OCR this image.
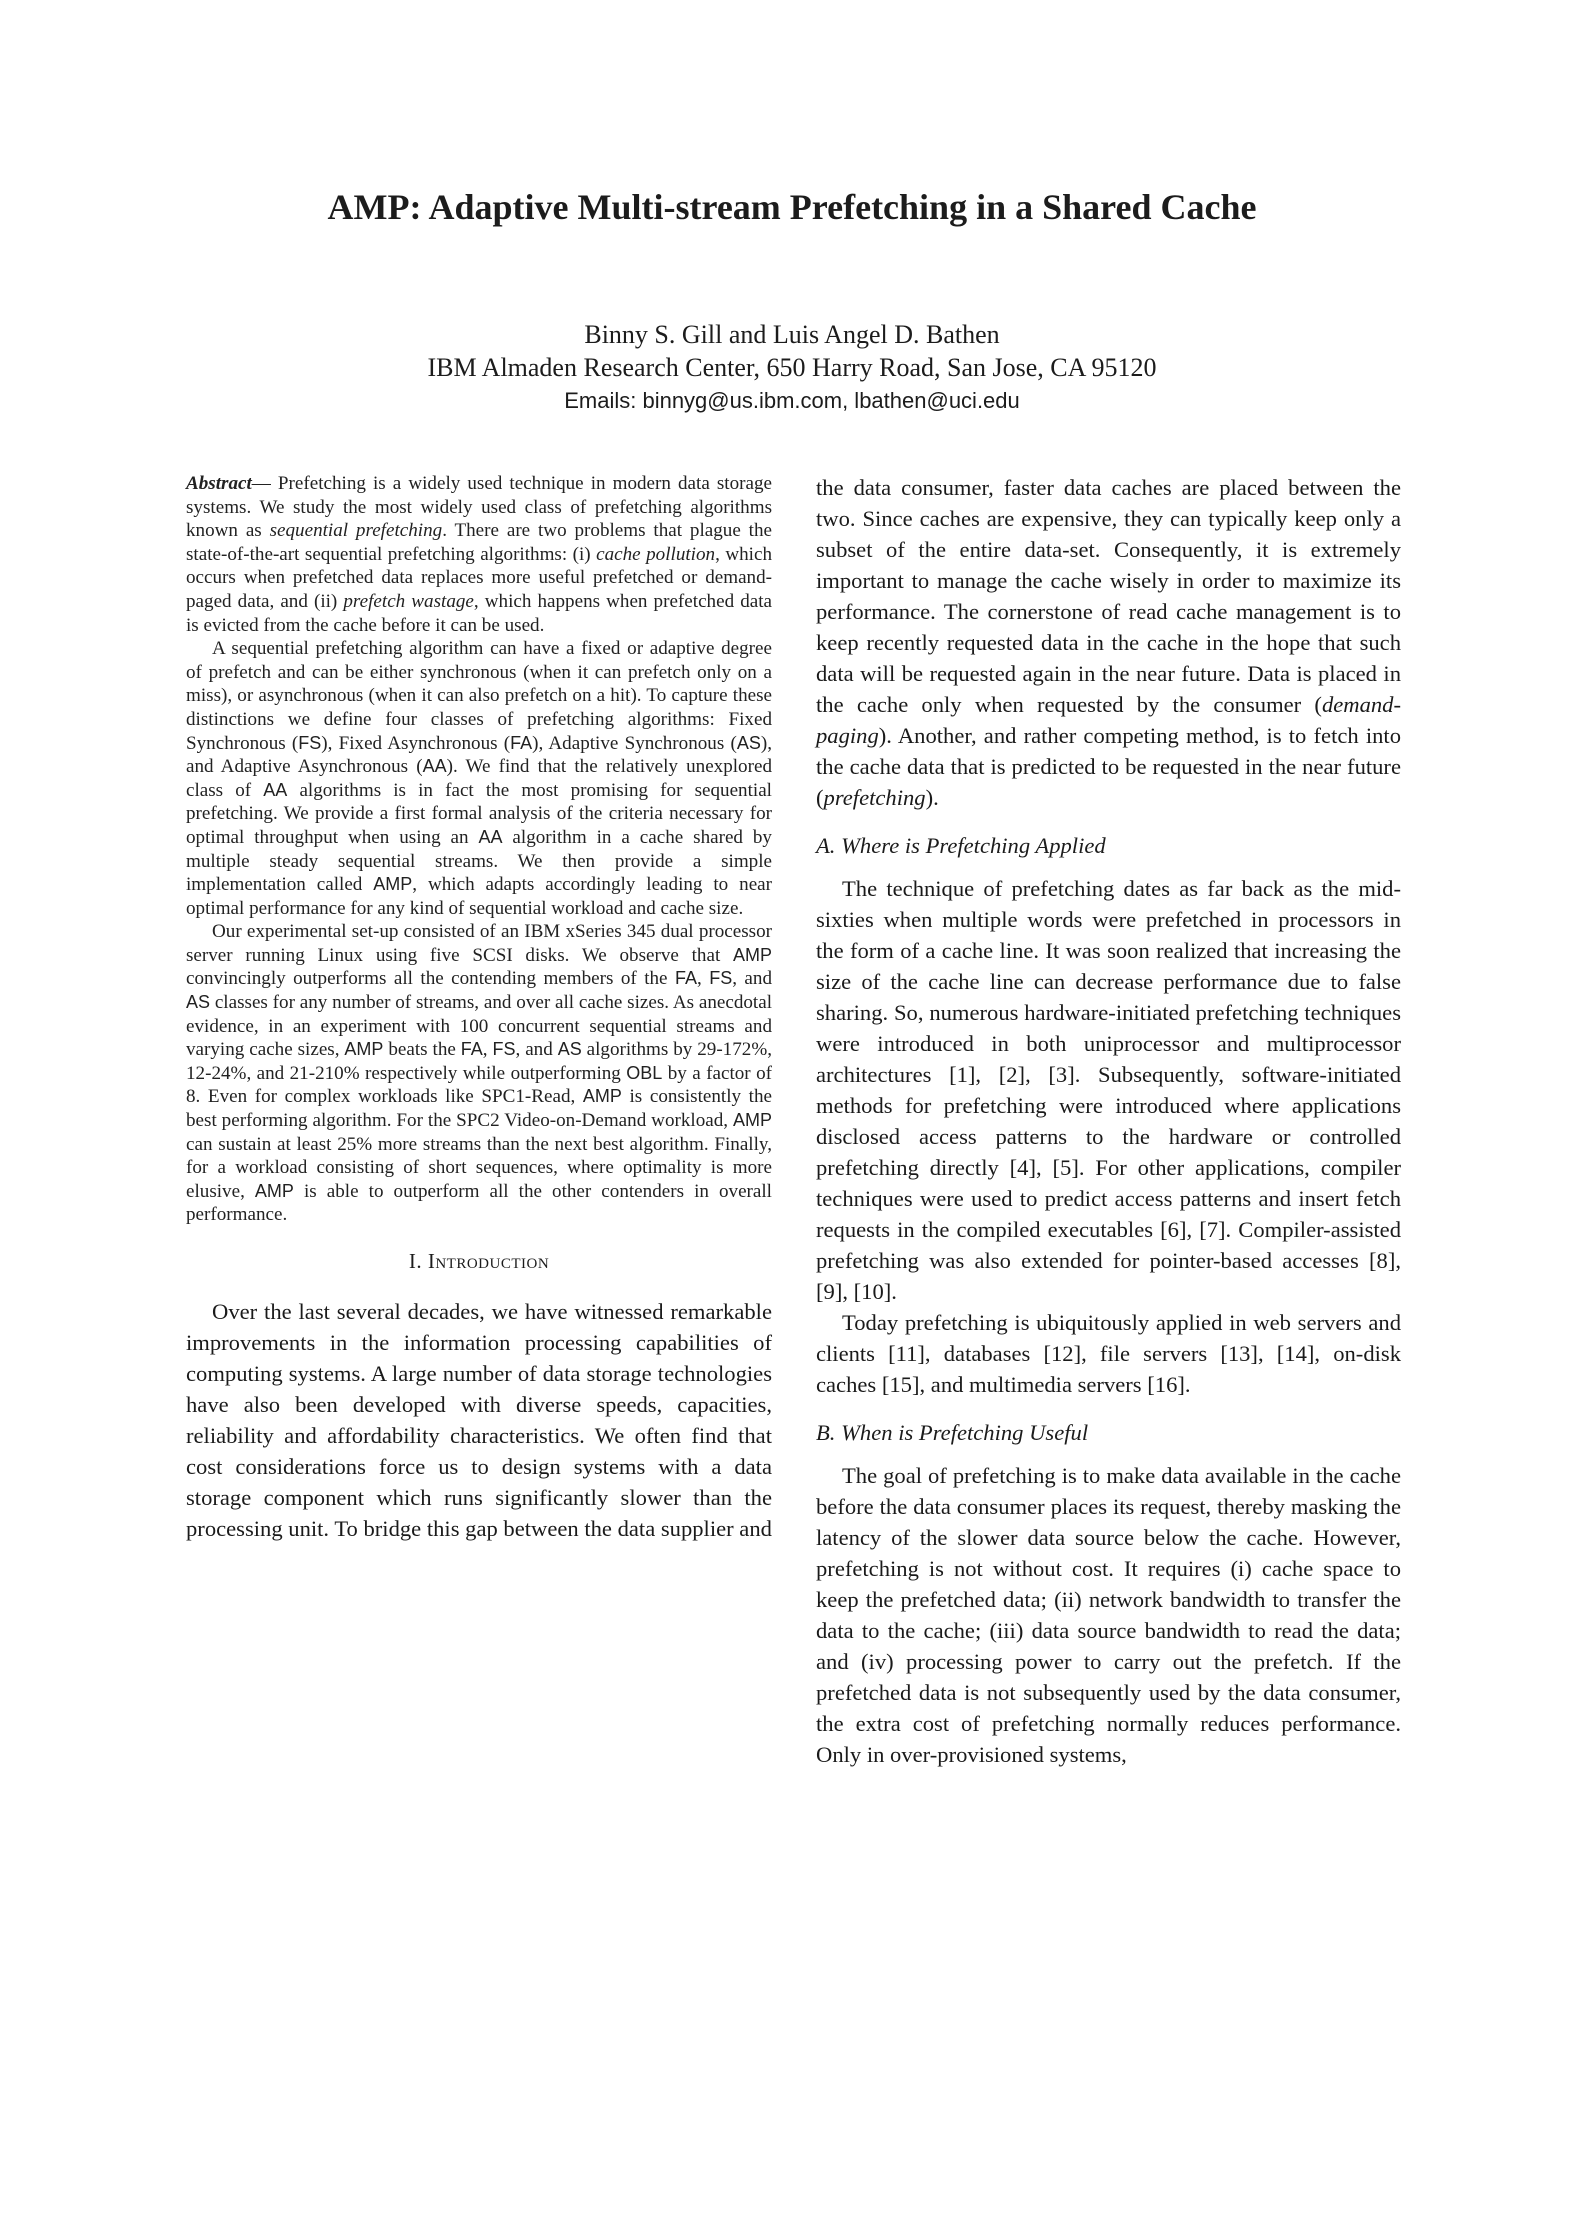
AMP: Adaptive Multi-stream Prefetching in a Shared Cache
Binny S. Gill and Luis Angel D. Bathen
IBM Almaden Research Center, 650 Harry Road, San Jose, CA 95120
Emails: binnyg@us.ibm.com, lbathen@uci.edu

Abstract— Prefetching is a widely used technique in modern data storage systems. We study the most widely used class of prefetching algorithms known as sequential prefetching. There are two problems that plague the state-of-the-art sequential prefetching algorithms: (i) cache pollution, which occurs when prefetched data replaces more useful prefetched or demand-paged data, and (ii) prefetch wastage, which happens when prefetched data is evicted from the cache before it can be used.

A sequential prefetching algorithm can have a fixed or adaptive degree of prefetch and can be either synchronous (when it can prefetch only on a miss), or asynchronous (when it can also prefetch on a hit). To capture these distinctions we define four classes of prefetching algorithms: Fixed Synchronous (FS), Fixed Asynchronous (FA), Adaptive Synchronous (AS), and Adaptive Asynchronous (AA). We find that the relatively unexplored class of AA algorithms is in fact the most promising for sequential prefetching. We provide a first formal analysis of the criteria necessary for optimal throughput when using an AA algorithm in a cache shared by multiple steady sequential streams. We then provide a simple implementation called AMP, which adapts accordingly leading to near optimal performance for any kind of sequential workload and cache size.

Our experimental set-up consisted of an IBM xSeries 345 dual processor server running Linux using five SCSI disks. We observe that AMP convincingly outperforms all the contending members of the FA, FS, and AS classes for any number of streams, and over all cache sizes. As anecdotal evidence, in an experiment with 100 concurrent sequential streams and varying cache sizes, AMP beats the FA, FS, and AS algorithms by 29-172%, 12-24%, and 21-210% respectively while outperforming OBL by a factor of 8. Even for complex workloads like SPC1-Read, AMP is consistently the best performing algorithm. For the SPC2 Video-on-Demand workload, AMP can sustain at least 25% more streams than the next best algorithm. Finally, for a workload consisting of short sequences, where optimality is more elusive, AMP is able to outperform all the other contenders in overall performance.

I. Introduction

Over the last several decades, we have witnessed remarkable improvements in the information processing capabilities of computing systems. A large number of data storage technologies have also been developed with diverse speeds, capacities, reliability and affordability characteristics. We often find that cost considerations force us to design systems with a data storage component which runs significantly slower than the processing unit. To bridge this gap between the data supplier and

the data consumer, faster data caches are placed between the two. Since caches are expensive, they can typically keep only a subset of the entire data-set. Consequently, it is extremely important to manage the cache wisely in order to maximize its performance. The cornerstone of read cache management is to keep recently requested data in the cache in the hope that such data will be requested again in the near future. Data is placed in the cache only when requested by the consumer (demand-paging). Another, and rather competing method, is to fetch into the cache data that is predicted to be requested in the near future (prefetching).

A. Where is Prefetching Applied

The technique of prefetching dates as far back as the mid-sixties when multiple words were prefetched in processors in the form of a cache line. It was soon realized that increasing the size of the cache line can decrease performance due to false sharing. So, numerous hardware-initiated prefetching techniques were introduced in both uniprocessor and multiprocessor architectures [1], [2], [3]. Subsequently, software-initiated methods for prefetching were introduced where applications disclosed access patterns to the hardware or controlled prefetching directly [4], [5]. For other applications, compiler techniques were used to predict access patterns and insert fetch requests in the compiled executables [6], [7]. Compiler-assisted prefetching was also extended for pointer-based accesses [8], [9], [10].

Today prefetching is ubiquitously applied in web servers and clients [11], databases [12], file servers [13], [14], on-disk caches [15], and multimedia servers [16].

B. When is Prefetching Useful

The goal of prefetching is to make data available in the cache before the data consumer places its request, thereby masking the latency of the slower data source below the cache. However, prefetching is not without cost. It requires (i) cache space to keep the prefetched data; (ii) network bandwidth to transfer the data to the cache; (iii) data source bandwidth to read the data; and (iv) processing power to carry out the prefetch. If the prefetched data is not subsequently used by the data consumer, the extra cost of prefetching normally reduces performance. Only in over-provisioned systems,
